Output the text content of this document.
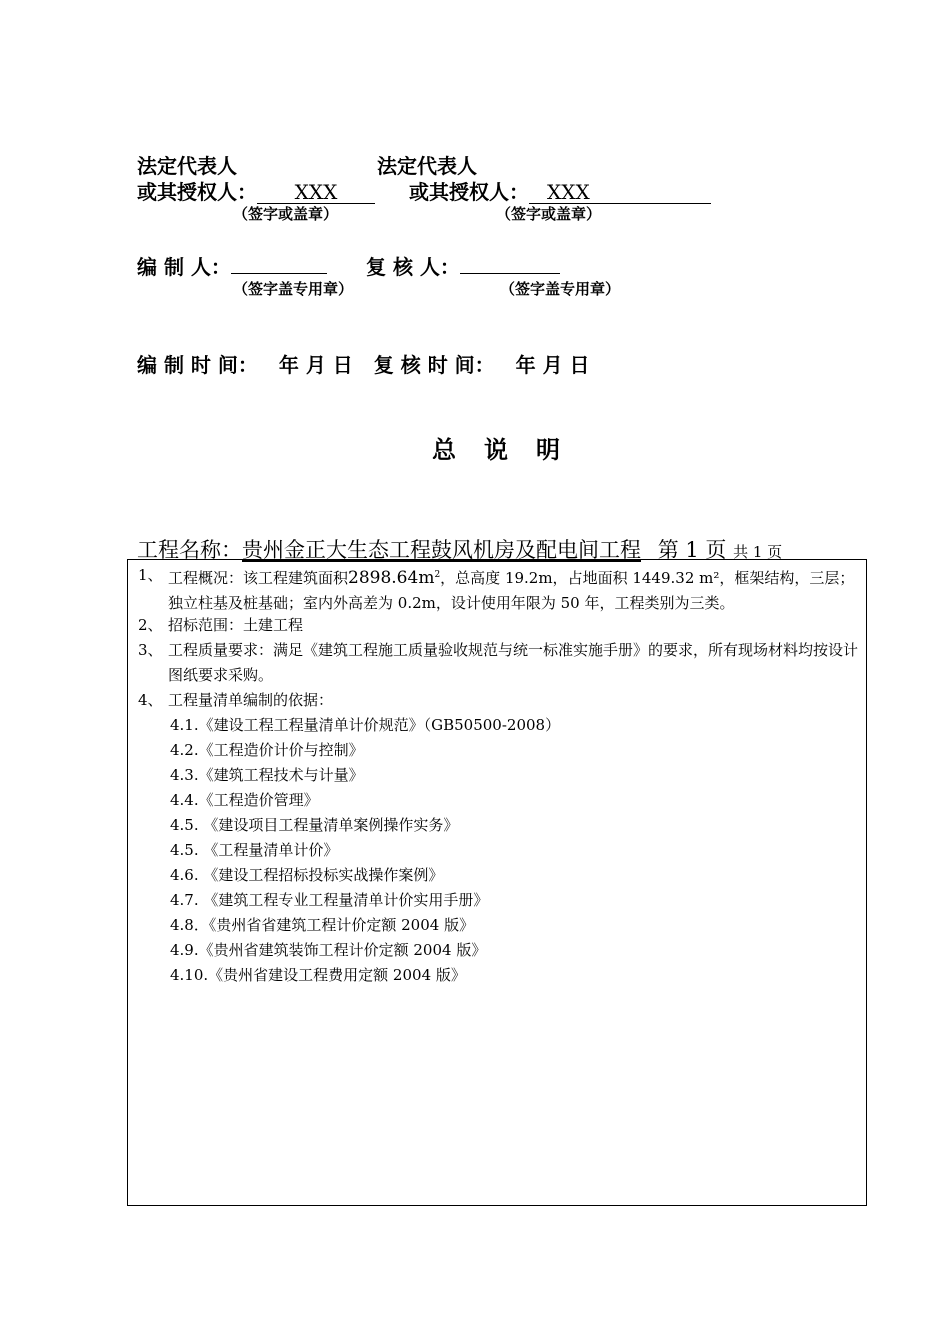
法定代表人	法定代表人
或其授权人： XXX	或其授权人： XXX
（签字或盖章）	（签字或盖章）
编 制 人：	复 核 人：
（签字盖专用章）	（签字盖专用章）
编 制 时 间： 年 月 日 复 核 时 间： 年 月 日
总 说 明
工程名称：贵州金正大生态工程鼓风机房及配电间工程 第 1 页 共 1 页
1、 工程概况：该工程建筑面积$2898.64m^2$，总高度 19.2m，占地面积 1449.32 m²，框架结构，三层；独立柱基及桩基础；室内外高差为 0.2m，设计使用年限为 50 年，工程类别为三类。
2、 招标范围：土建工程
3、 工程质量要求：满足《建筑工程施工质量验收规范与统一标准实施手册》的要求，所有现场材料均按设计图纸要求采购。
4、 工程量清单编制的依据：
4.1.《建设工程工程量清单计价规范》（GB50500-2008）
4.2.《工程造价计价与控制》
4.3.《建筑工程技术与计量》
4.4.《工程造价管理》
4.5. 《建设项目工程量清单案例操作实务》
4.5. 《工程量清单计价》
4.6. 《建设工程招标投标实战操作案例》
4.7. 《建筑工程专业工程量清单计价实用手册》
4.8．《贵州省省建筑工程计价定额 2004 版》
4.9.《贵州省建筑装饰工程计价定额 2004 版》
4.10.《贵州省建设工程费用定额 2004 版》
